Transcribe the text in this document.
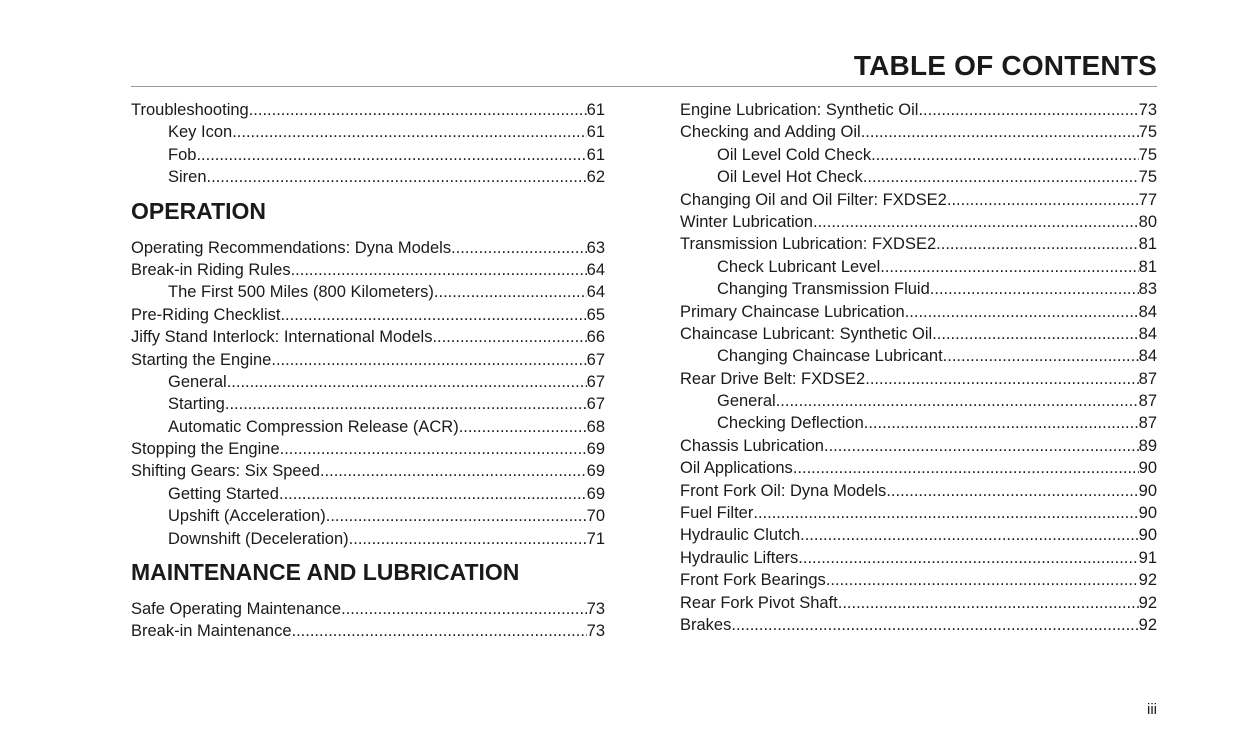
TABLE OF CONTENTS
Troubleshooting .....	61
Key Icon .....	61
Fob .....	61
Siren .....	62
OPERATION
Operating Recommendations: Dyna Models .....	63
Break-in Riding Rules .....	64
The First 500 Miles (800 Kilometers) .....	64
Pre-Riding Checklist .....	65
Jiffy Stand Interlock: International Models .....	66
Starting the Engine .....	67
General .....	67
Starting .....	67
Automatic Compression Release (ACR) .....	68
Stopping the Engine .....	69
Shifting Gears: Six Speed .....	69
Getting Started .....	69
Upshift (Acceleration) .....	70
Downshift (Deceleration) .....	71
MAINTENANCE AND LUBRICATION
Safe Operating Maintenance .....	73
Break-in Maintenance .....	73
Engine Lubrication: Synthetic Oil .....	73
Checking and Adding Oil .....	75
Oil Level Cold Check .....	75
Oil Level Hot Check .....	75
Changing Oil and Oil Filter: FXDSE2 .....	77
Winter Lubrication .....	80
Transmission Lubrication: FXDSE2 .....	81
Check Lubricant Level .....	81
Changing Transmission Fluid .....	83
Primary Chaincase Lubrication .....	84
Chaincase Lubricant: Synthetic Oil .....	84
Changing Chaincase Lubricant .....	84
Rear Drive Belt: FXDSE2 .....	87
General .....	87
Checking Deflection .....	87
Chassis Lubrication .....	89
Oil Applications .....	90
Front Fork Oil: Dyna Models .....	90
Fuel Filter .....	90
Hydraulic Clutch .....	90
Hydraulic Lifters .....	91
Front Fork Bearings .....	92
Rear Fork Pivot Shaft .....	92
Brakes .....	92
iii
